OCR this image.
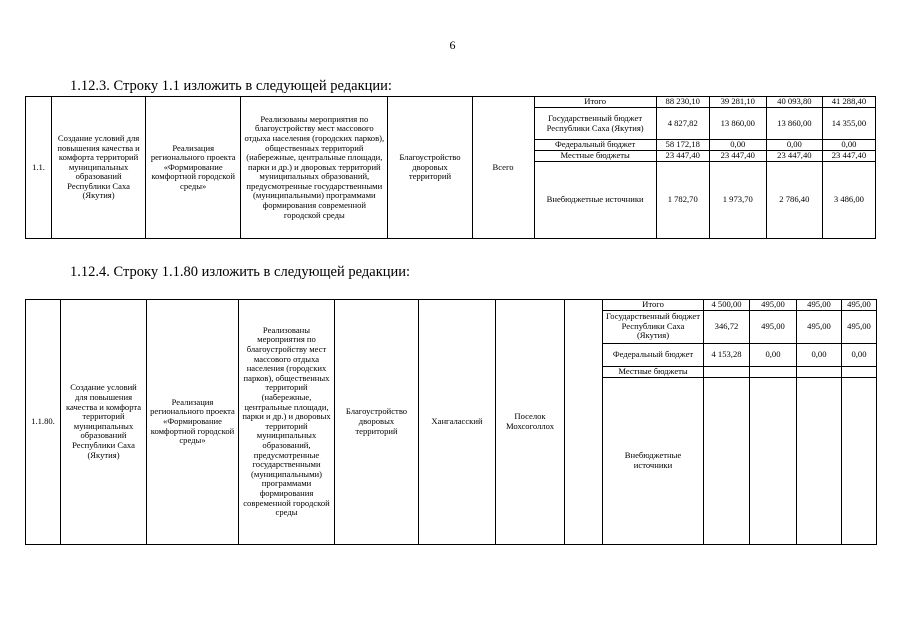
6
1.12.3. Строку 1.1 изложить в следующей редакции:
1.1.	Создание условий для повышения качества и комфорта территорий муниципальных образований Республики Саха (Якутия)	Реализация регионального проекта «Формирование комфортной городской среды»	Реализованы мероприятия по благоустройству мест массового отдыха населения (городских парков), общественных территорий (набережные, центральные площади, парки и др.) и дворовых территорий муниципальных образований, предусмотренные государственными (муниципальными) программами формирования современной городской среды	Благоустройство дворовых территорий	Всего	Итого	88 230,10	39 281,10	40 093,80	41 288,40
						Государственный бюджет Республики Саха (Якутия)	4 827,82	13 860,00	13 860,00	14 355,00
						Федеральный бюджет	58 172,18	0,00	0,00	0,00
						Местные бюджеты	23 447,40	23 447,40	23 447,40	23 447,40
						Внебюджетные источники	1 782,70	1 973,70	2 786,40	3 486,00
1.12.4. Строку 1.1.80 изложить в следующей редакции:
1.1.80.	Создание условий для повышения качества и комфорта территорий муниципальных образований Республики Саха (Якутия)	Реализация регионального проекта «Формирование комфортной городской среды»	Реализованы мероприятия по благоустройству мест массового отдыха населения (городских парков), общественных территорий (набережные, центральные площади, парки и др.) и дворовых территорий муниципальных образований, предусмотренные государственными (муниципальными) программами формирования современной городской среды	Благоустройство дворовых территорий	Хангаласский	Поселок Мохсоголлох		Итого	4 500,00	495,00	495,00	495,00
								Государственный бюджет Республики Саха (Якутия)	346,72	495,00	495,00	495,00
								Федеральный бюджет	4 153,28	0,00	0,00	0,00
								Местные бюджеты				
								Внебюджетные источники				
